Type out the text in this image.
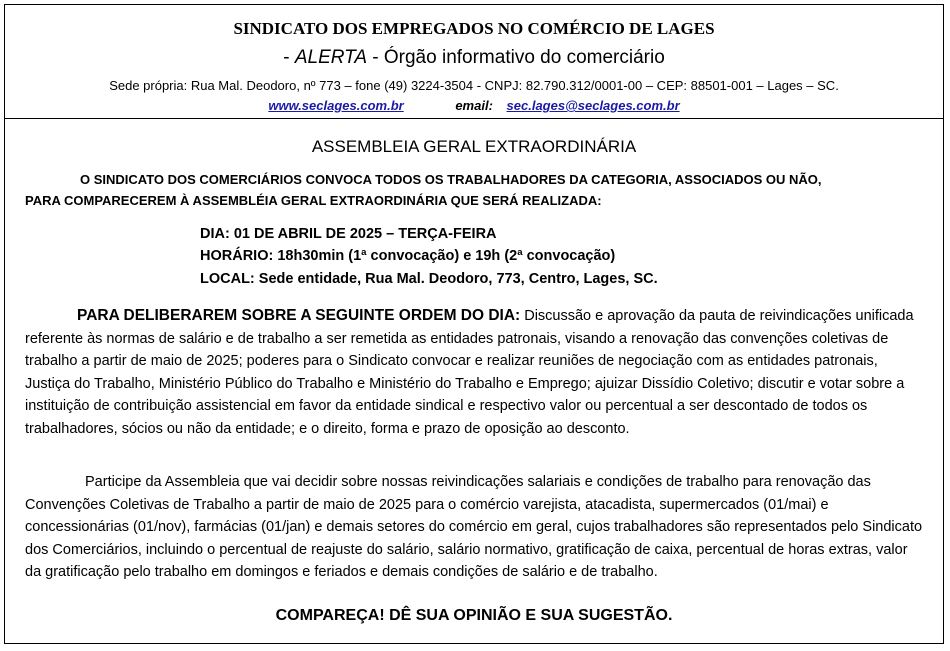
SINDICATO DOS EMPREGADOS NO COMÉRCIO DE LAGES
- ALERTA - Órgão informativo do comerciário
Sede própria: Rua Mal. Deodoro, nº 773 – fone (49) 3224-3504 - CNPJ: 82.790.312/0001-00 – CEP: 88501-001 – Lages – SC.
www.seclages.com.br	email: sec.lages@seclages.com.br
ASSEMBLEIA GERAL EXTRAORDINÁRIA
O SINDICATO DOS COMERCIÁRIOS CONVOCA TODOS OS TRABALHADORES DA CATEGORIA, ASSOCIADOS OU NÃO,
PARA COMPARECEREM À ASSEMBLÉIA GERAL EXTRAORDINÁRIA QUE SERÁ REALIZADA:
DIA: 01 DE ABRIL DE 2025 – TERÇA-FEIRA
HORÁRIO: 18h30min (1ª convocação) e 19h (2ª convocação)
LOCAL: Sede entidade, Rua Mal. Deodoro, 773, Centro, Lages, SC.
PARA DELIBERAREM SOBRE A SEGUINTE ORDEM DO DIA: Discussão e aprovação da pauta de reivindicações unificada referente às normas de salário e de trabalho a ser remetida as entidades patronais, visando a renovação das convenções coletivas de trabalho a partir de maio de 2025; poderes para o Sindicato convocar e realizar reuniões de negociação com as entidades patronais, Justiça do Trabalho, Ministério Público do Trabalho e Ministério do Trabalho e Emprego; ajuizar Dissídio Coletivo; discutir e votar sobre a instituição de contribuição assistencial em favor da entidade sindical e respectivo valor ou percentual a ser descontado de todos os trabalhadores, sócios ou não da entidade; e o direito, forma e prazo de oposição ao desconto.
Participe da Assembleia que vai decidir sobre nossas reivindicações salariais e condições de trabalho para renovação das Convenções Coletivas de Trabalho a partir de maio de 2025 para o comércio varejista, atacadista, supermercados (01/mai) e concessionárias (01/nov), farmácias (01/jan) e demais setores do comércio em geral, cujos trabalhadores são representados pelo Sindicato dos Comerciários, incluindo o percentual de reajuste do salário, salário normativo, gratificação de caixa, percentual de horas extras, valor da gratificação pelo trabalho em domingos e feriados e demais condições de salário e de trabalho.
COMPAREÇA! DÊ SUA OPINIÃO E SUA SUGESTÃO.
